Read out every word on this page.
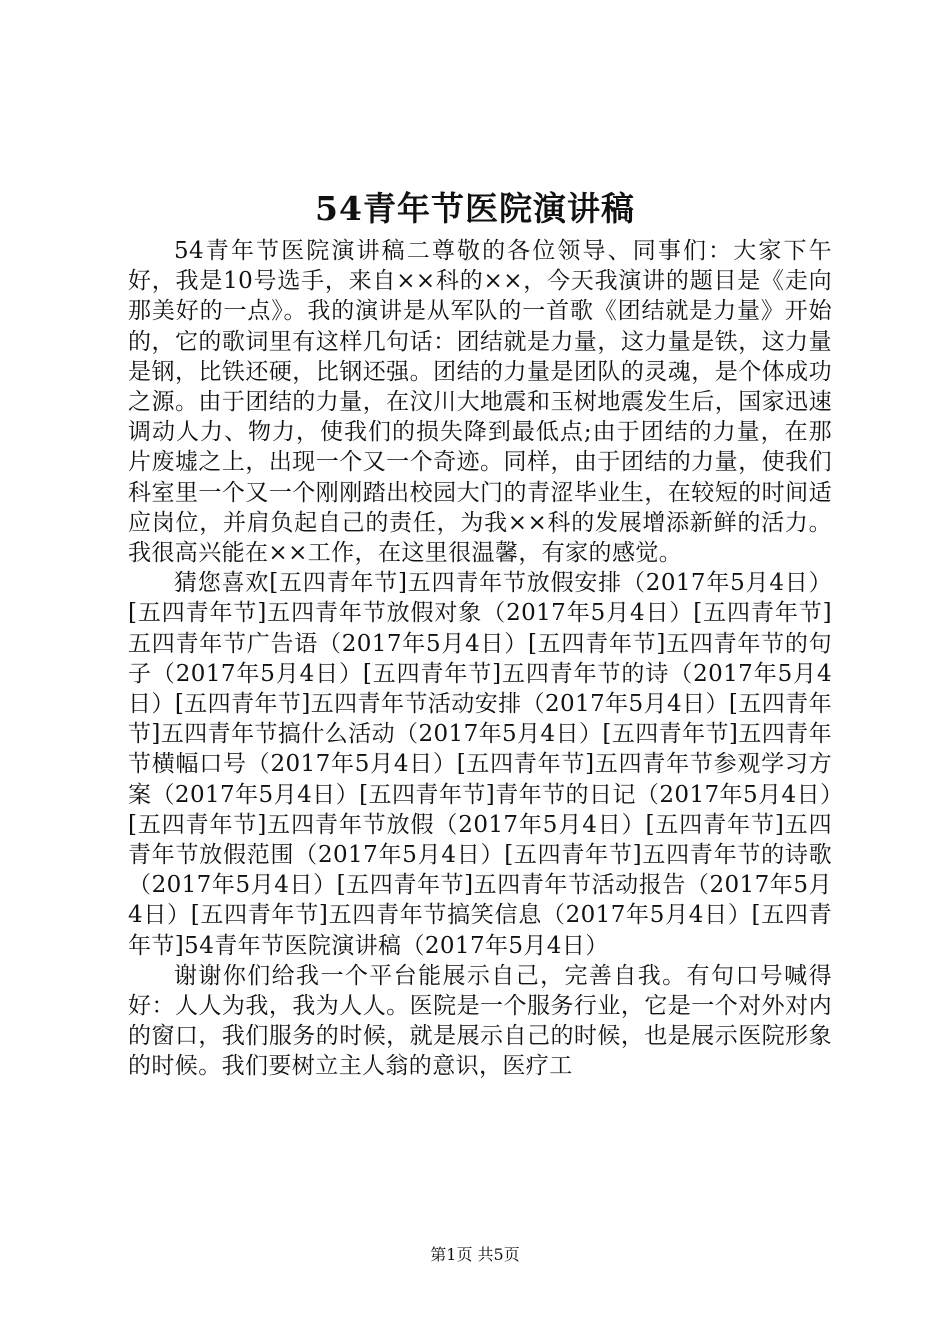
54青年节医院演讲稿

54青年节医院演讲稿二尊敬的各位领导、同事们：大家下午好，我是10号选手，来自××科的××，今天我演讲的题目是《走向那美好的一点》。我的演讲是从军队的一首歌《团结就是力量》开始的，它的歌词里有这样几句话：团结就是力量，这力量是铁，这力量是钢，比铁还硬，比钢还强。团结的力量是团队的灵魂，是个体成功之源。由于团结的力量，在汶川大地震和玉树地震发生后，国家迅速调动人力、物力，使我们的损失降到最低点;由于团结的力量，在那片废墟之上，出现一个又一个奇迹。同样，由于团结的力量，使我们科室里一个又一个刚刚踏出校园大门的青涩毕业生，在较短的时间适应岗位，并肩负起自己的责任，为我××科的发展增添新鲜的活力。我很高兴能在××工作，在这里很温馨，有家的感觉。

猜您喜欢[五四青年节]五四青年节放假安排（2017年5月4日）[五四青年节]五四青年节放假对象（2017年5月4日）[五四青年节]五四青年节广告语（2017年5月4日）[五四青年节]五四青年节的句子（2017年5月4日）[五四青年节]五四青年节的诗（2017年5月4日）[五四青年节]五四青年节活动安排（2017年5月4日）[五四青年节]五四青年节搞什么活动（2017年5月4日）[五四青年节]五四青年节横幅口号（2017年5月4日）[五四青年节]五四青年节参观学习方案（2017年5月4日）[五四青年节]青年节的日记（2017年5月4日）[五四青年节]五四青年节放假（2017年5月4日）[五四青年节]五四青年节放假范围（2017年5月4日）[五四青年节]五四青年节的诗歌（2017年5月4日）[五四青年节]五四青年节活动报告（2017年5月4日）[五四青年节]五四青年节搞笑信息（2017年5月4日）[五四青年节]54青年节医院演讲稿（2017年5月4日）

谢谢你们给我一个平台能展示自己，完善自我。有句口号喊得好：人人为我，我为人人。医院是一个服务行业，它是一个对外对内的窗口，我们服务的时候，就是展示自己的时候，也是展示医院形象的时候。我们要树立主人翁的意识，医疗工

第1页 共5页
